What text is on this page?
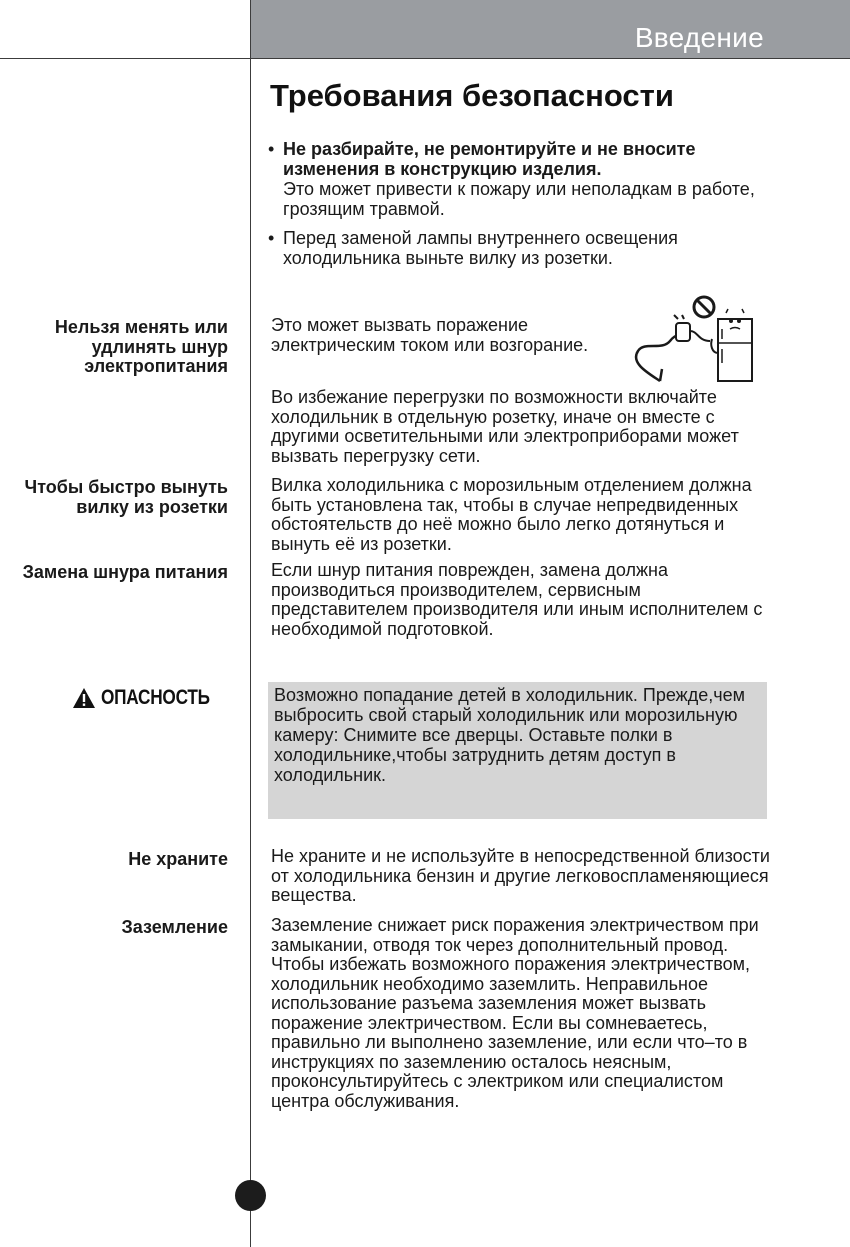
Введение
Требования безопасности
• Не разбирайте, не ремонтируйте и не вносите изменения в конструкцию изделия.
Это может привести к пожару или неполадкам в работе, грозящим травмой.
• Перед заменой лампы внутреннего освещения холодильника выньте вилку из розетки.
Нельзя менять или удлинять шнур электропитания
Это может вызвать поражение электрическим током или возгорание.
Во избежание перегрузки по возможности включайте холодильник в отдельную розетку, иначе он вместе с другими осветительными или электроприборами может вызвать перегрузку сети.
Чтобы быстро вынуть вилку из розетки
Вилка холодильника с морозильным отделением должна быть установлена так, чтобы в случае непредвиденных обстоятельств до неё можно было легко дотянуться и вынуть её из розетки.
Замена шнура питания Если шнур питания поврежден, замена должна производиться производителем, сервисным представителем производителя или иным исполнителем с необходимой подготовкой.
ОПАСНОСТЬ	Возможно попадание детей в холодильник. Прежде,чем выбросить свой старый холодильник или морозильную камеру: Снимите все дверцы. Оставьте полки в холодильнике,чтобы затруднить детям доступ в холодильник.
Не храните Не храните и не используйте в непосредственной близости от холодильника бензин и другие легковоспламеняющиеся вещества.
Заземление Заземление снижает риск поражения электричеством при замыкании, отводя ток через дополнительный провод. Чтобы избежать возможного поражения электричеством, холодильник необходимо заземлить. Неправильное использование разъема заземления может вызвать поражение электричеством. Если вы сомневаетесь, правильно ли выполнено заземление, или если что–то в инструкциях по заземлению осталось неясным, проконсультируйтесь с электриком или специалистом центра обслуживания.
